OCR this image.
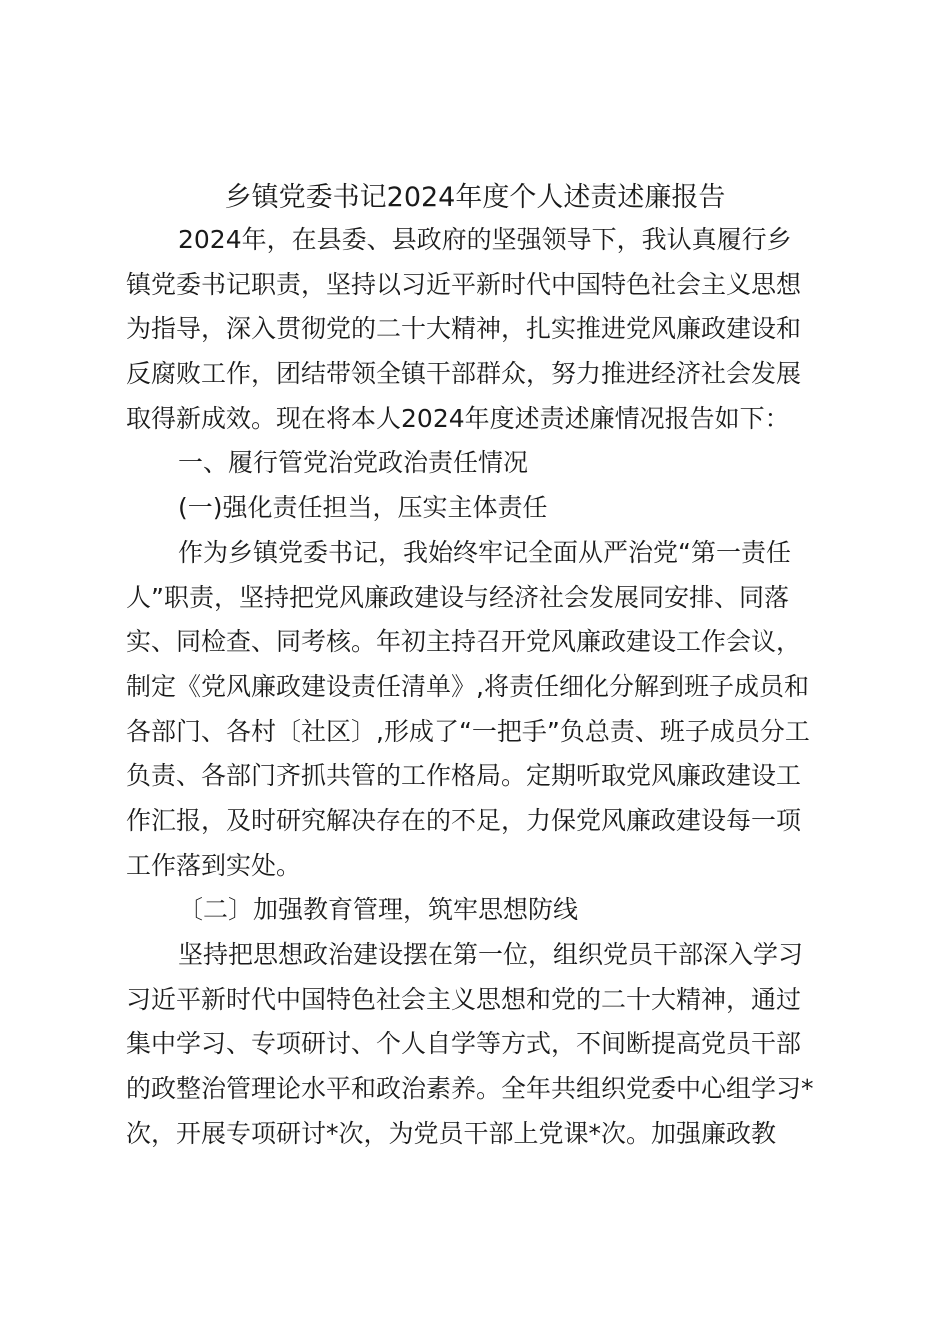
乡镇党委书记2024年度个人述责述廉报告

2024年，在县委、县政府的坚强领导下，我认真履行乡

镇党委书记职责，坚持以习近平新时代中国特色社会主义思想

为指导，深入贯彻党的二十大精神，扎实推进党风廉政建设和

反腐败工作，团结带领全镇干部群众，努力推进经济社会发展

取得新成效。现在将本人2024年度述责述廉情况报告如下：

一、履行管党治党政治责任情况

(一)强化责任担当，压实主体责任

作为乡镇党委书记，我始终牢记全面从严治党“第一责任

人”职责，坚持把党风廉政建设与经济社会发展同安排、同落

实、同检查、同考核。年初主持召开党风廉政建设工作会议，

制定《党风廉政建设责任清单》,将责任细化分解到班子成员和

各部门、各村〔社区〕,形成了“一把手”负总责、班子成员分工

负责、各部门齐抓共管的工作格局。定期听取党风廉政建设工

作汇报，及时研究解决存在的不足，力保党风廉政建设每一项

工作落到实处。

〔二〕加强教育管理，筑牢思想防线

坚持把思想政治建设摆在第一位，组织党员干部深入学习

习近平新时代中国特色社会主义思想和党的二十大精神，通过

集中学习、专项研讨、个人自学等方式，不间断提高党员干部

的政整治管理论水平和政治素养。全年共组织党委中心组学习*

次，开展专项研讨*次，为党员干部上党课*次。加强廉政教
